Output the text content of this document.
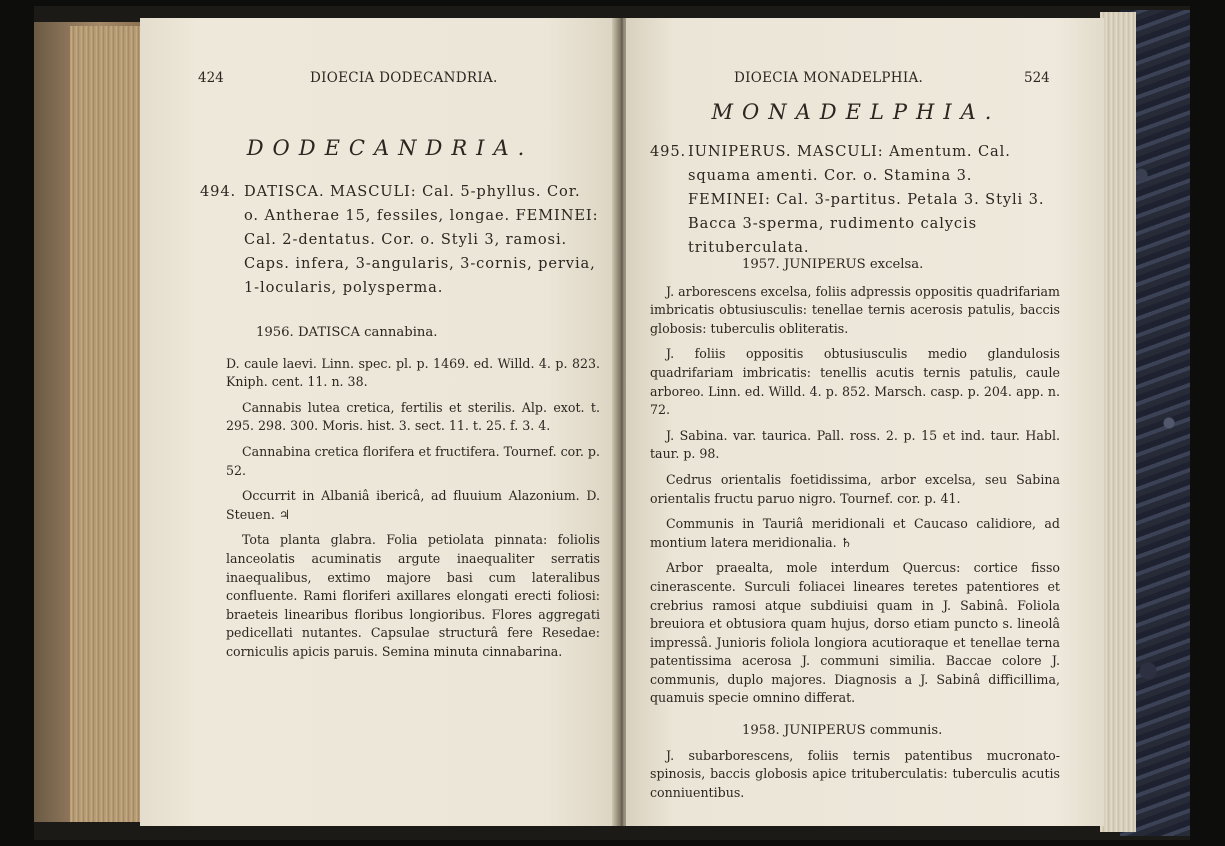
424	DIOECIA DODECANDRIA.
DODECANDRIA.
494. DATISCA. MASCULI: Cal. 5-phyllus. Cor. o. Antherae 15, fessiles, longae. FEMINEI: Cal. 2-dentatus. Cor. o. Styli 3, ramosi. Caps. infera, 3-angularis, 3-cornis, pervia, 1-locularis, polysperma.

1956. DATISCA cannabina.

D. caule laevi. Linn. spec. pl. p. 1469. ed. Willd. 4. p. 823. Kniph. cent. 11. n. 38.

Cannabis lutea cretica, fertilis et sterilis. Alp. exot. t. 295. 298. 300. Moris. hist. 3. sect. 11. t. 25. f. 3. 4.

Cannabina cretica florifera et fructifera. Tournef. cor. p. 52.

Occurrit in Albaniâ ibericâ, ad fluuium Alazonium. D. Steuen. ♃

Tota planta glabra. Folia petiolata pinnata: foliolis lanceolatis acuminatis argute inaequaliter serratis inaequalibus, extimo majore basi cum lateralibus confluente. Rami floriferi axillares elongati erecti foliosi: braeteis linearibus floribus longioribus. Flores aggregati pedicellati nutantes. Capsulae structurâ fere Resedae: corniculis apicis paruis. Semina minuta cinnabarina.

DIOECIA MONADELPHIA.	524
MONADELPHIA.
495. IUNIPERUS. MASCULI: Amentum. Cal. squama amenti. Cor. o. Stamina 3. FEMINEI: Cal. 3-partitus. Petala 3. Styli 3. Bacca 3-sperma, rudimento calycis trituberculata.

1957. JUNIPERUS excelsa.

J. arborescens excelsa, foliis adpressis oppositis quadrifariam imbricatis obtusiusculis: tenellae ternis acerosis patulis, baccis globosis: tuberculis obliteratis.

J. foliis oppositis obtusiusculis medio glandulosis quadrifariam imbricatis: tenellis acutis ternis patulis, caule arboreo. Linn. ed. Willd. 4. p. 852. Marsch. casp. p. 204. app. n. 72.

J. Sabina. var. taurica. Pall. ross. 2. p. 15 et ind. taur. Habl. taur. p. 98.

Cedrus orientalis foetidissima, arbor excelsa, seu Sabina orientalis fructu paruo nigro. Tournef. cor. p. 41.

Communis in Tauriâ meridionali et Caucaso calidiore, ad montium latera meridionalia. ♄

Arbor praealta, mole interdum Quercus: cortice fisso cinerascente. Surculi foliacei lineares teretes patentiores et crebrius ramosi atque subdiuisi quam in J. Sabinâ. Foliola breuiora et obtusiora quam hujus, dorso etiam puncto s. lineolâ impressâ. Junioris foliola longiora acutioraque et tenellae terna patentissima acerosa J. communi similia. Baccae colore J. communis, duplo majores. Diagnosis a J. Sabinâ difficillima, quamuis specie omnino differat.

1958. JUNIPERUS communis.

J. subarborescens, foliis ternis patentibus mucronato-spinosis, baccis globosis apice trituberculatis: tuberculis acutis conniuentibus.
